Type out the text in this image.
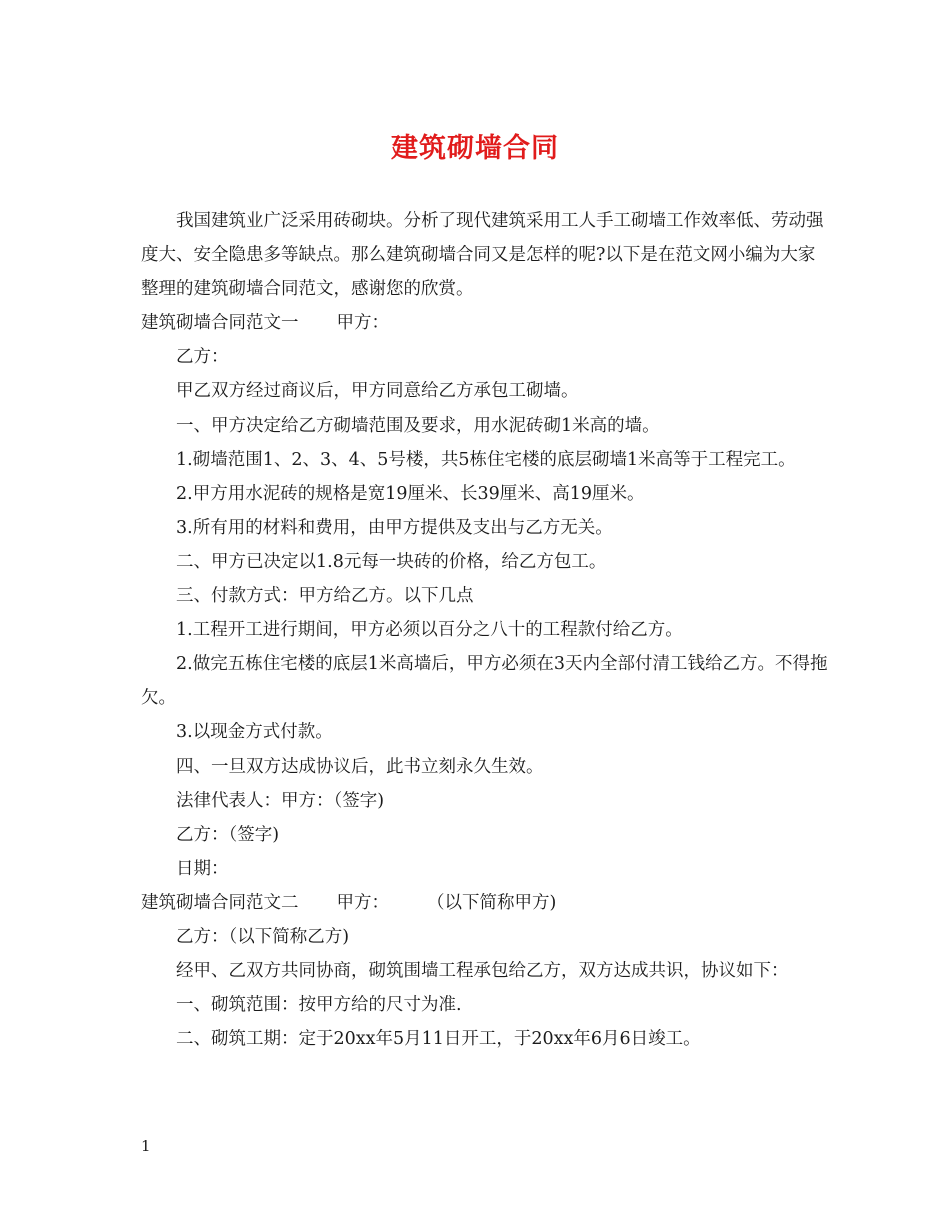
建筑砌墙合同

我国建筑业广泛采用砖砌块。分析了现代建筑采用工人手工砌墙工作效率低、劳动强度大、安全隐患多等缺点。那么建筑砌墙合同又是怎样的呢?以下是在范文网小编为大家整理的建筑砌墙合同范文，感谢您的欣赏。

建筑砌墙合同范文一 甲方：

乙方：

甲乙双方经过商议后，甲方同意给乙方承包工砌墙。

一、甲方决定给乙方砌墙范围及要求，用水泥砖砌1米高的墙。

1.砌墙范围1、2、3、4、5号楼，共5栋住宅楼的底层砌墙1米高等于工程完工。

2.甲方用水泥砖的规格是宽19厘米、长39厘米、高19厘米。

3.所有用的材料和费用，由甲方提供及支出与乙方无关。

二、甲方已决定以1.8元每一块砖的价格，给乙方包工。

三、付款方式：甲方给乙方。以下几点

1.工程开工进行期间，甲方必须以百分之八十的工程款付给乙方。

2.做完五栋住宅楼的底层1米高墙后，甲方必须在3天内全部付清工钱给乙方。不得拖欠。

3.以现金方式付款。

四、一旦双方达成协议后，此书立刻永久生效。

法律代表人：甲方：（签字)

乙方：（签字)

日期：

建筑砌墙合同范文二 甲方： （以下简称甲方)

乙方：（以下简称乙方)

经甲、乙双方共同协商，砌筑围墙工程承包给乙方，双方达成共识，协议如下：

一、砌筑范围：按甲方给的尺寸为准.

二、砌筑工期：定于20xx年5月11日开工，于20xx年6月6日竣工。

1
